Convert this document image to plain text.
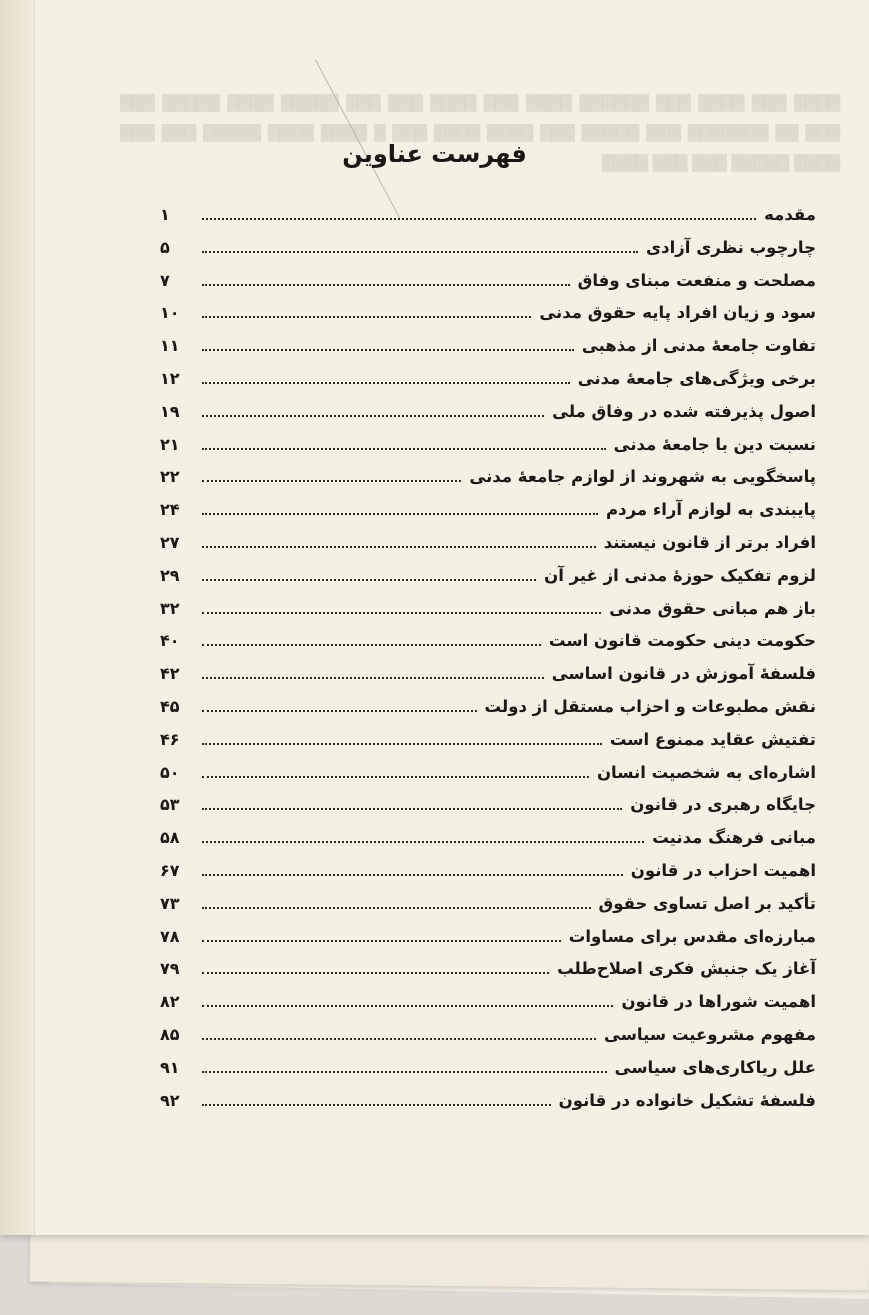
████ ███ ████ ███ ██████ ████ ███ ████ ███ ███ █████ ████ █████ ███ ███ ██ ███████ ███ █████ ███ ████ ████ ███ █ ████ ████ █████ ███ ███ ████ █████ ███ ███ ████
فهرست عناوین
مقدمه
۱
چارچوب نظری آزادی
۵
مصلحت و منفعت مبنای وفاق
۷
سود و زیان افراد پایه حقوق مدنی
۱۰
تفاوت جامعهٔ مدنی از مذهبی
۱۱
برخی ویژگی‌های جامعهٔ مدنی
۱۲
اصول پذیرفته شده در وفاق ملی
۱۹
نسبت دین با جامعهٔ مدنی
۲۱
پاسخگویی به شهروند از لوازم جامعهٔ مدنی
۲۲
پایبندی به لوازم آراء مردم
۲۴
افراد برتر از قانون نیستند
۲۷
لزوم تفکیک حوزهٔ مدنی از غیر آن
۲۹
باز هم مبانی حقوق مدنی
۳۲
حکومت دینی حکومت قانون است
۴۰
فلسفهٔ آموزش در قانون اساسی
۴۲
نقش مطبوعات و احزاب مستقل از دولت
۴۵
تفتیش عقاید ممنوع است
۴۶
اشاره‌ای به شخصیت انسان
۵۰
جایگاه رهبری در قانون
۵۳
مبانی فرهنگ مدنیت
۵۸
اهمیت احزاب در قانون
۶۷
تأکید بر اصل تساوی حقوق
۷۳
مبارزه‌ای مقدس برای مساوات
۷۸
آغاز یک جنبش فکری اصلاح‌طلب
۷۹
اهمیت شوراها در قانون
۸۲
مفهوم مشروعیت سیاسی
۸۵
علل ریاکاری‌های سیاسی
۹۱
فلسفهٔ تشکیل خانواده در قانون
۹۲
